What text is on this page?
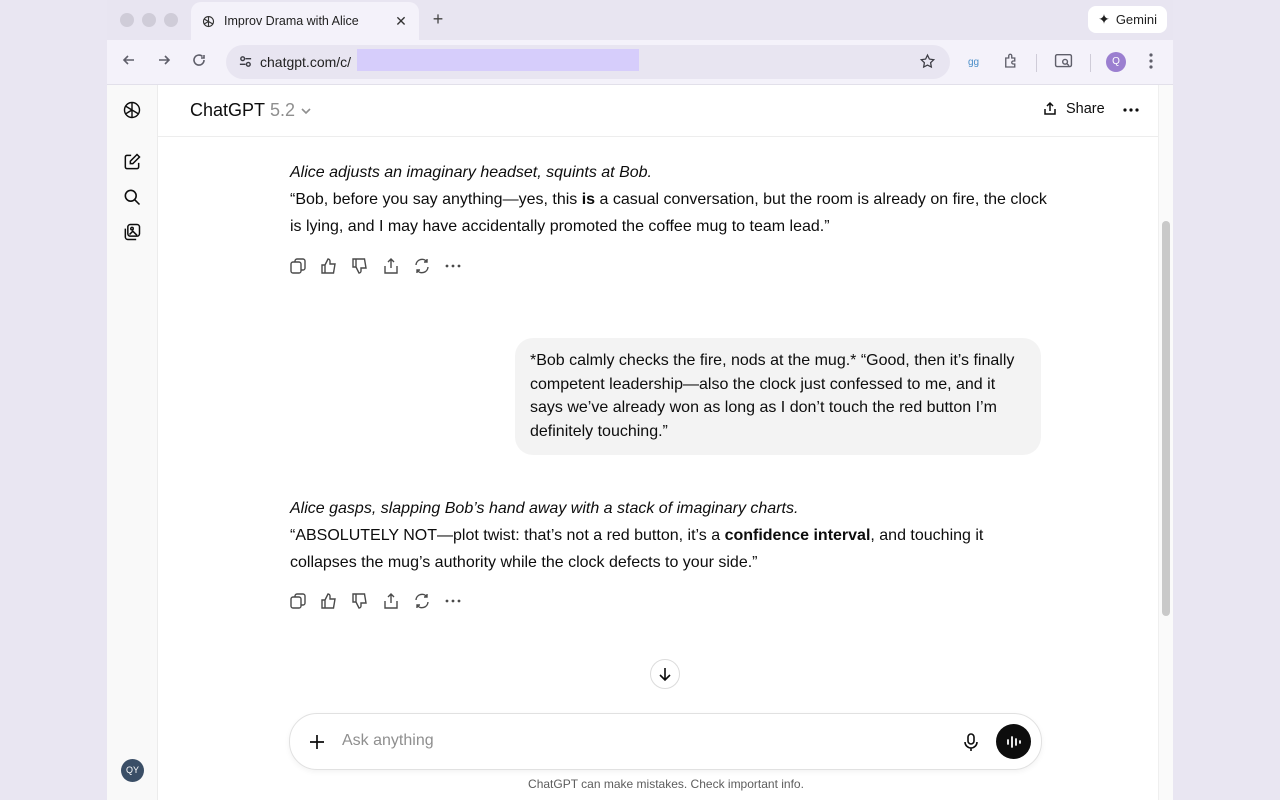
Improv Drama with Alice	✕ +	✦ Gemini
chatgpt.com/c/	gg	Q
QY
ChatGPT 5.2	Share
Alice adjusts an imaginary headset, squints at Bob.
“Bob, before you say anything—yes, this is a casual conversation, but the room is already on fire, the clock is lying, and I may have accidentally promoted the coffee mug to team lead.”
*Bob calmly checks the fire, nods at the mug.* “Good, then it’s finally competent leadership—also the clock just confessed to me, and it says we’ve already won as long as I don’t touch the red button I’m definitely touching.”
Alice gasps, slapping Bob’s hand away with a stack of imaginary charts.
“ABSOLUTELY NOT—plot twist: that’s not a red button, it’s a confidence interval, and touching it collapses the mug’s authority while the clock defects to your side.”
Ask anything
ChatGPT can make mistakes. Check important info.
